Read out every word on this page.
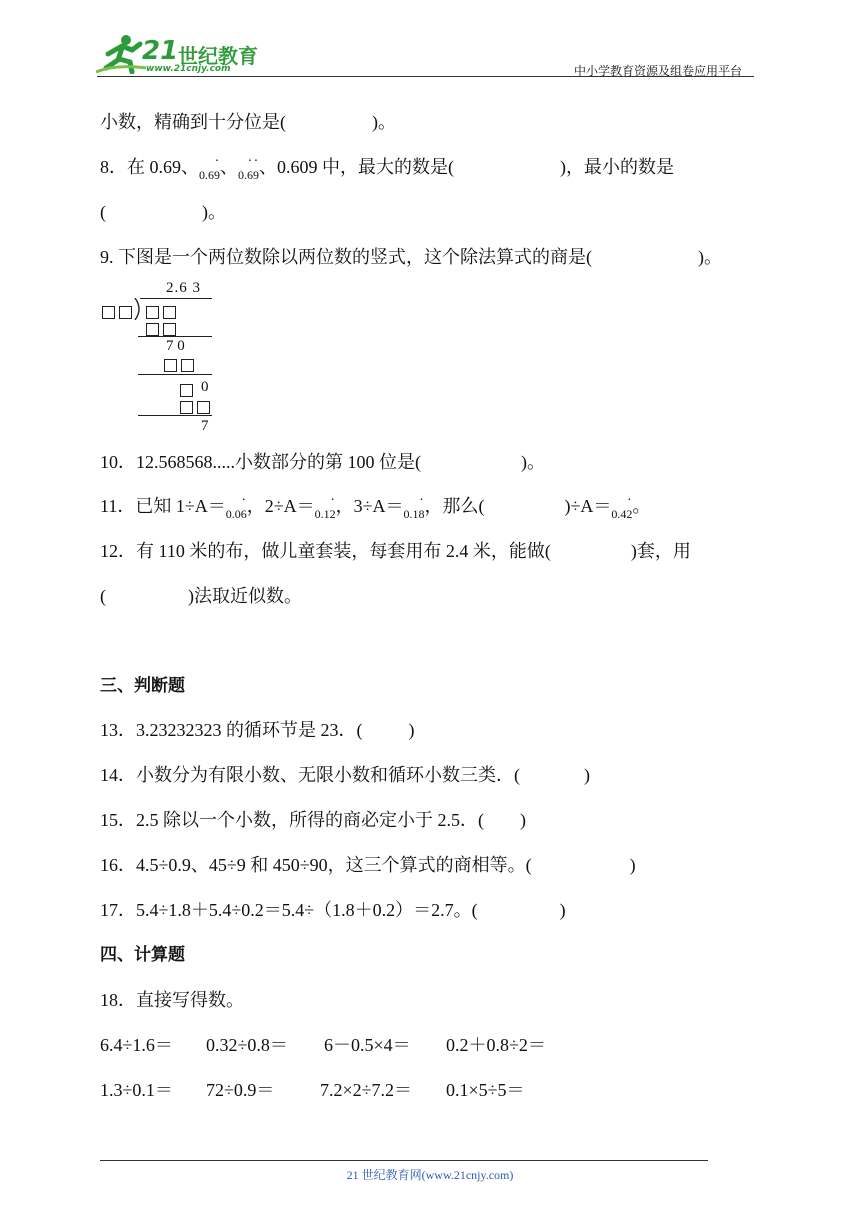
21 世纪教育
www.21cnjy.com	中小学教育资源及组卷应用平台
小数，精确到十分位是(	)。
8．在 0.69、0.6· 9、0.· 6· 9、0.609 中，最大的数是(	)，最小的数是
(	)。
9. 下图是一个两位数除以两位数的竖式，这个除法算式的商是(	)。
2.6 3
7 0
0
7
10．12.568568.....小数部分的第 100 位是(	)。
11．已知 1÷A＝0.0· 6，2÷A＝0.1· 2，3÷A＝0.1· 8，那么(	)÷A＝0.4· 2。
12．有 110 米的布，做儿童套装，每套用布 2.4 米，能做(	)套，用
(	)法取近似数。
三、判断题
13．3.23232323 的循环节是 23．(	)
14．小数分为有限小数、无限小数和循环小数三类．(	)
15．2.5 除以一个小数，所得的商必定小于 2.5．( )
16．4.5÷0.9、45÷9 和 450÷90，这三个算式的商相等。(	)
17．5.4÷1.8＋5.4÷0.2＝5.4÷（1.8＋0.2）＝2.7。(	)
四、计算题
18．直接写得数。
6.4÷1.6＝ 0.32÷0.8＝ 6－0.5×4＝ 0.2＋0.8÷2＝
1.3÷0.1＝ 72÷0.9＝	7.2×2÷7.2＝ 0.1×5÷5＝
21 世纪教育网(www.21cnjy.com)
